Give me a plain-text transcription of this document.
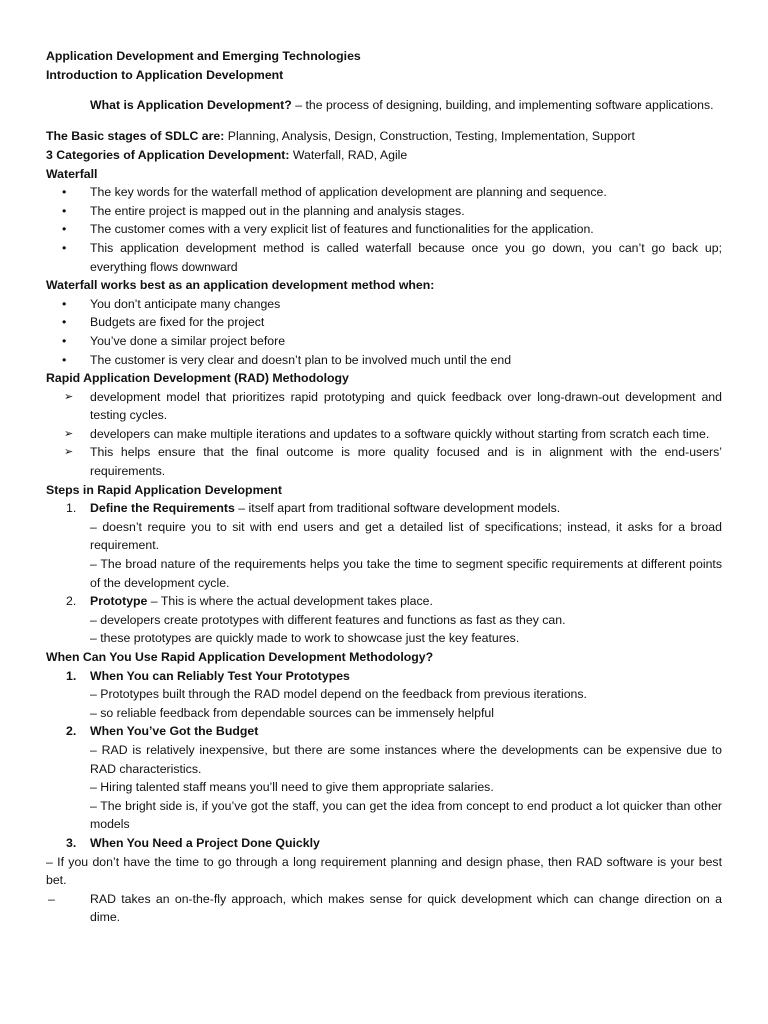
Application Development and Emerging Technologies

Introduction to Application Development

What is Application Development? – the process of designing, building, and implementing software applications.

The Basic stages of SDLC are: Planning, Analysis, Design, Construction, Testing, Implementation, Support

3 Categories of Application Development: Waterfall, RAD, Agile

Waterfall

• The key words for the waterfall method of application development are planning and sequence.
• The entire project is mapped out in the planning and analysis stages.
• The customer comes with a very explicit list of features and functionalities for the application.
• This application development method is called waterfall because once you go down, you can’t go back up; everything flows downward

Waterfall works best as an application development method when:

• You don’t anticipate many changes
• Budgets are fixed for the project
• You’ve done a similar project before
• The customer is very clear and doesn’t plan to be involved much until the end

Rapid Application Development (RAD) Methodology

➢ development model that prioritizes rapid prototyping and quick feedback over long-drawn-out development and testing cycles.
➢ developers can make multiple iterations and updates to a software quickly without starting from scratch each time.
➢ This helps ensure that the final outcome is more quality focused and is in alignment with the end-users’ requirements.

Steps in Rapid Application Development

1. Define the Requirements – itself apart from traditional software development models.
– doesn’t require you to sit with end users and get a detailed list of specifications; instead, it asks for a broad requirement.
– The broad nature of the requirements helps you take the time to segment specific requirements at different points of the development cycle.
2. Prototype – This is where the actual development takes place.
– developers create prototypes with different features and functions as fast as they can.
– these prototypes are quickly made to work to showcase just the key features.

When Can You Use Rapid Application Development Methodology?

1. When You can Reliably Test Your Prototypes
– Prototypes built through the RAD model depend on the feedback from previous iterations.
– so reliable feedback from dependable sources can be immensely helpful
2. When You’ve Got the Budget
– RAD is relatively inexpensive, but there are some instances where the developments can be expensive due to RAD characteristics.
– Hiring talented staff means you’ll need to give them appropriate salaries.
– The bright side is, if you’ve got the staff, you can get the idea from concept to end product a lot quicker than other models
3. When You Need a Project Done Quickly
– If you don’t have the time to go through a long requirement planning and design phase, then RAD software is your best bet.
–	RAD takes an on-the-fly approach, which makes sense for quick development which can change direction on a dime.
